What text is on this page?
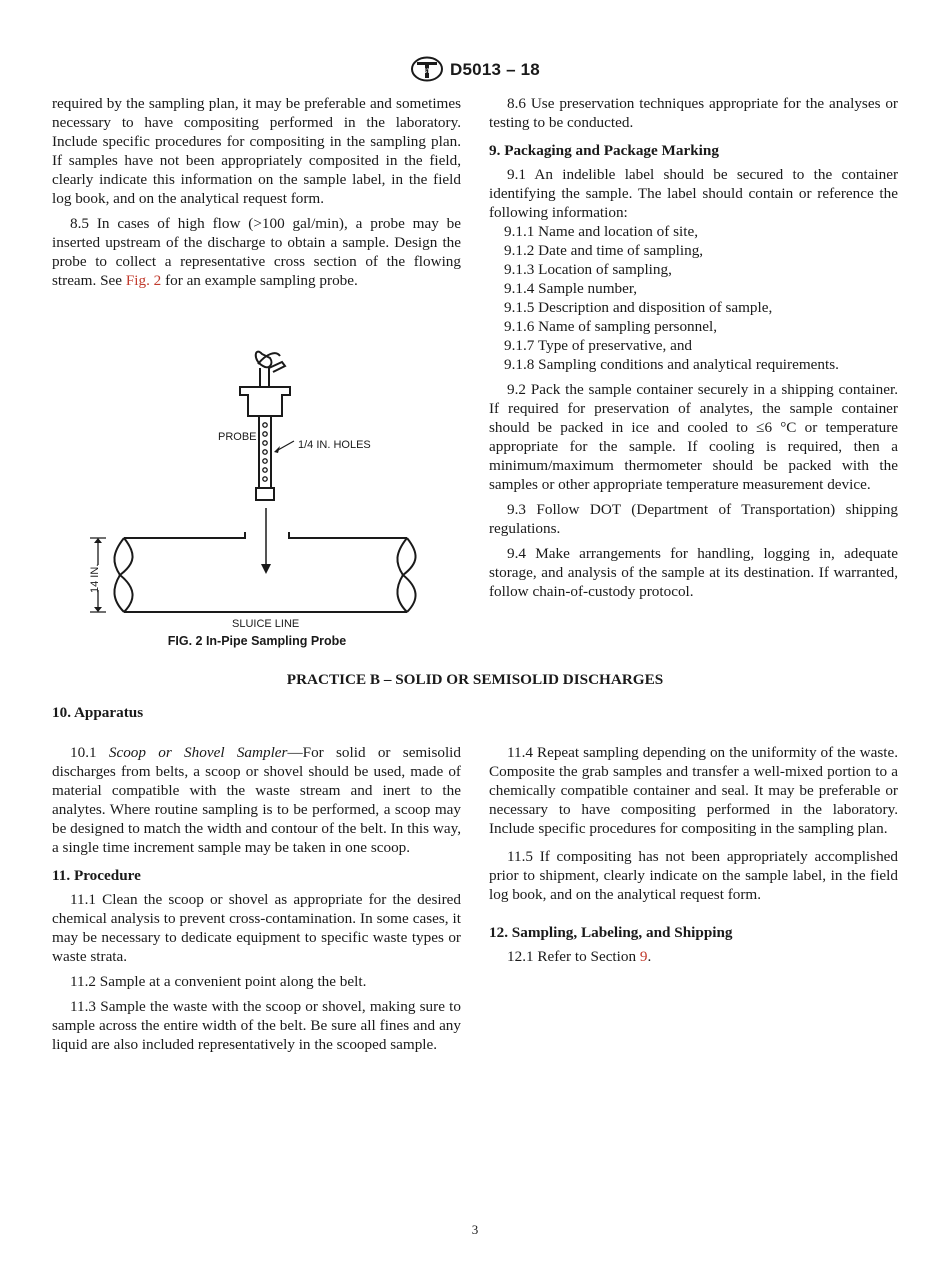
ASTM D5013 – 18

required by the sampling plan, it may be preferable and sometimes necessary to have compositing performed in the laboratory. Include specific procedures for compositing in the sampling plan. If samples have not been appropriately composited in the field, clearly indicate this information on the sample label, in the field log book, and on the analytical request form.

8.5 In cases of high flow (>100 gal/min), a probe may be inserted upstream of the discharge to obtain a sample. Design the probe to collect a representative cross section of the flowing stream. See Fig. 2 for an example sampling probe.

PROBE
1/4 IN. HOLES
14 IN.
SLUICE LINE
FIG. 2 In-Pipe Sampling Probe

8.6 Use preservation techniques appropriate for the analyses or testing to be conducted.

9. Packaging and Package Marking

9.1 An indelible label should be secured to the container identifying the sample. The label should contain or reference the following information:

9.1.1 Name and location of site,

9.1.2 Date and time of sampling,

9.1.3 Location of sampling,

9.1.4 Sample number,

9.1.5 Description and disposition of sample,

9.1.6 Name of sampling personnel,

9.1.7 Type of preservative, and

9.1.8 Sampling conditions and analytical requirements.

9.2 Pack the sample container securely in a shipping container. If required for preservation of analytes, the sample container should be packed in ice and cooled to ≤6 °C or temperature appropriate for the sample. If cooling is required, then a minimum/maximum thermometer should be packed with the samples or other appropriate temperature measurement device.

9.3 Follow DOT (Department of Transportation) shipping regulations.

9.4 Make arrangements for handling, logging in, adequate storage, and analysis of the sample at its destination. If warranted, follow chain-of-custody protocol.

PRACTICE B – SOLID OR SEMISOLID DISCHARGES
10. Apparatus

10.1 Scoop or Shovel Sampler—For solid or semisolid discharges from belts, a scoop or shovel should be used, made of material compatible with the waste stream and inert to the analytes. Where routine sampling is to be performed, a scoop may be designed to match the width and contour of the belt. In this way, a single time increment sample may be taken in one scoop.

11. Procedure

11.1 Clean the scoop or shovel as appropriate for the desired chemical analysis to prevent cross-contamination. In some cases, it may be necessary to dedicate equipment to specific waste types or waste strata.

11.2 Sample at a convenient point along the belt.

11.3 Sample the waste with the scoop or shovel, making sure to sample across the entire width of the belt. Be sure all fines and any liquid are also included representatively in the scooped sample.

11.4 Repeat sampling depending on the uniformity of the waste. Composite the grab samples and transfer a well-mixed portion to a chemically compatible container and seal. It may be preferable or necessary to have compositing performed in the laboratory. Include specific procedures for compositing in the sampling plan.

11.5 If compositing has not been appropriately accomplished prior to shipment, clearly indicate on the sample label, in the field log book, and on the analytical request form.

12. Sampling, Labeling, and Shipping

12.1 Refer to Section 9.

3
